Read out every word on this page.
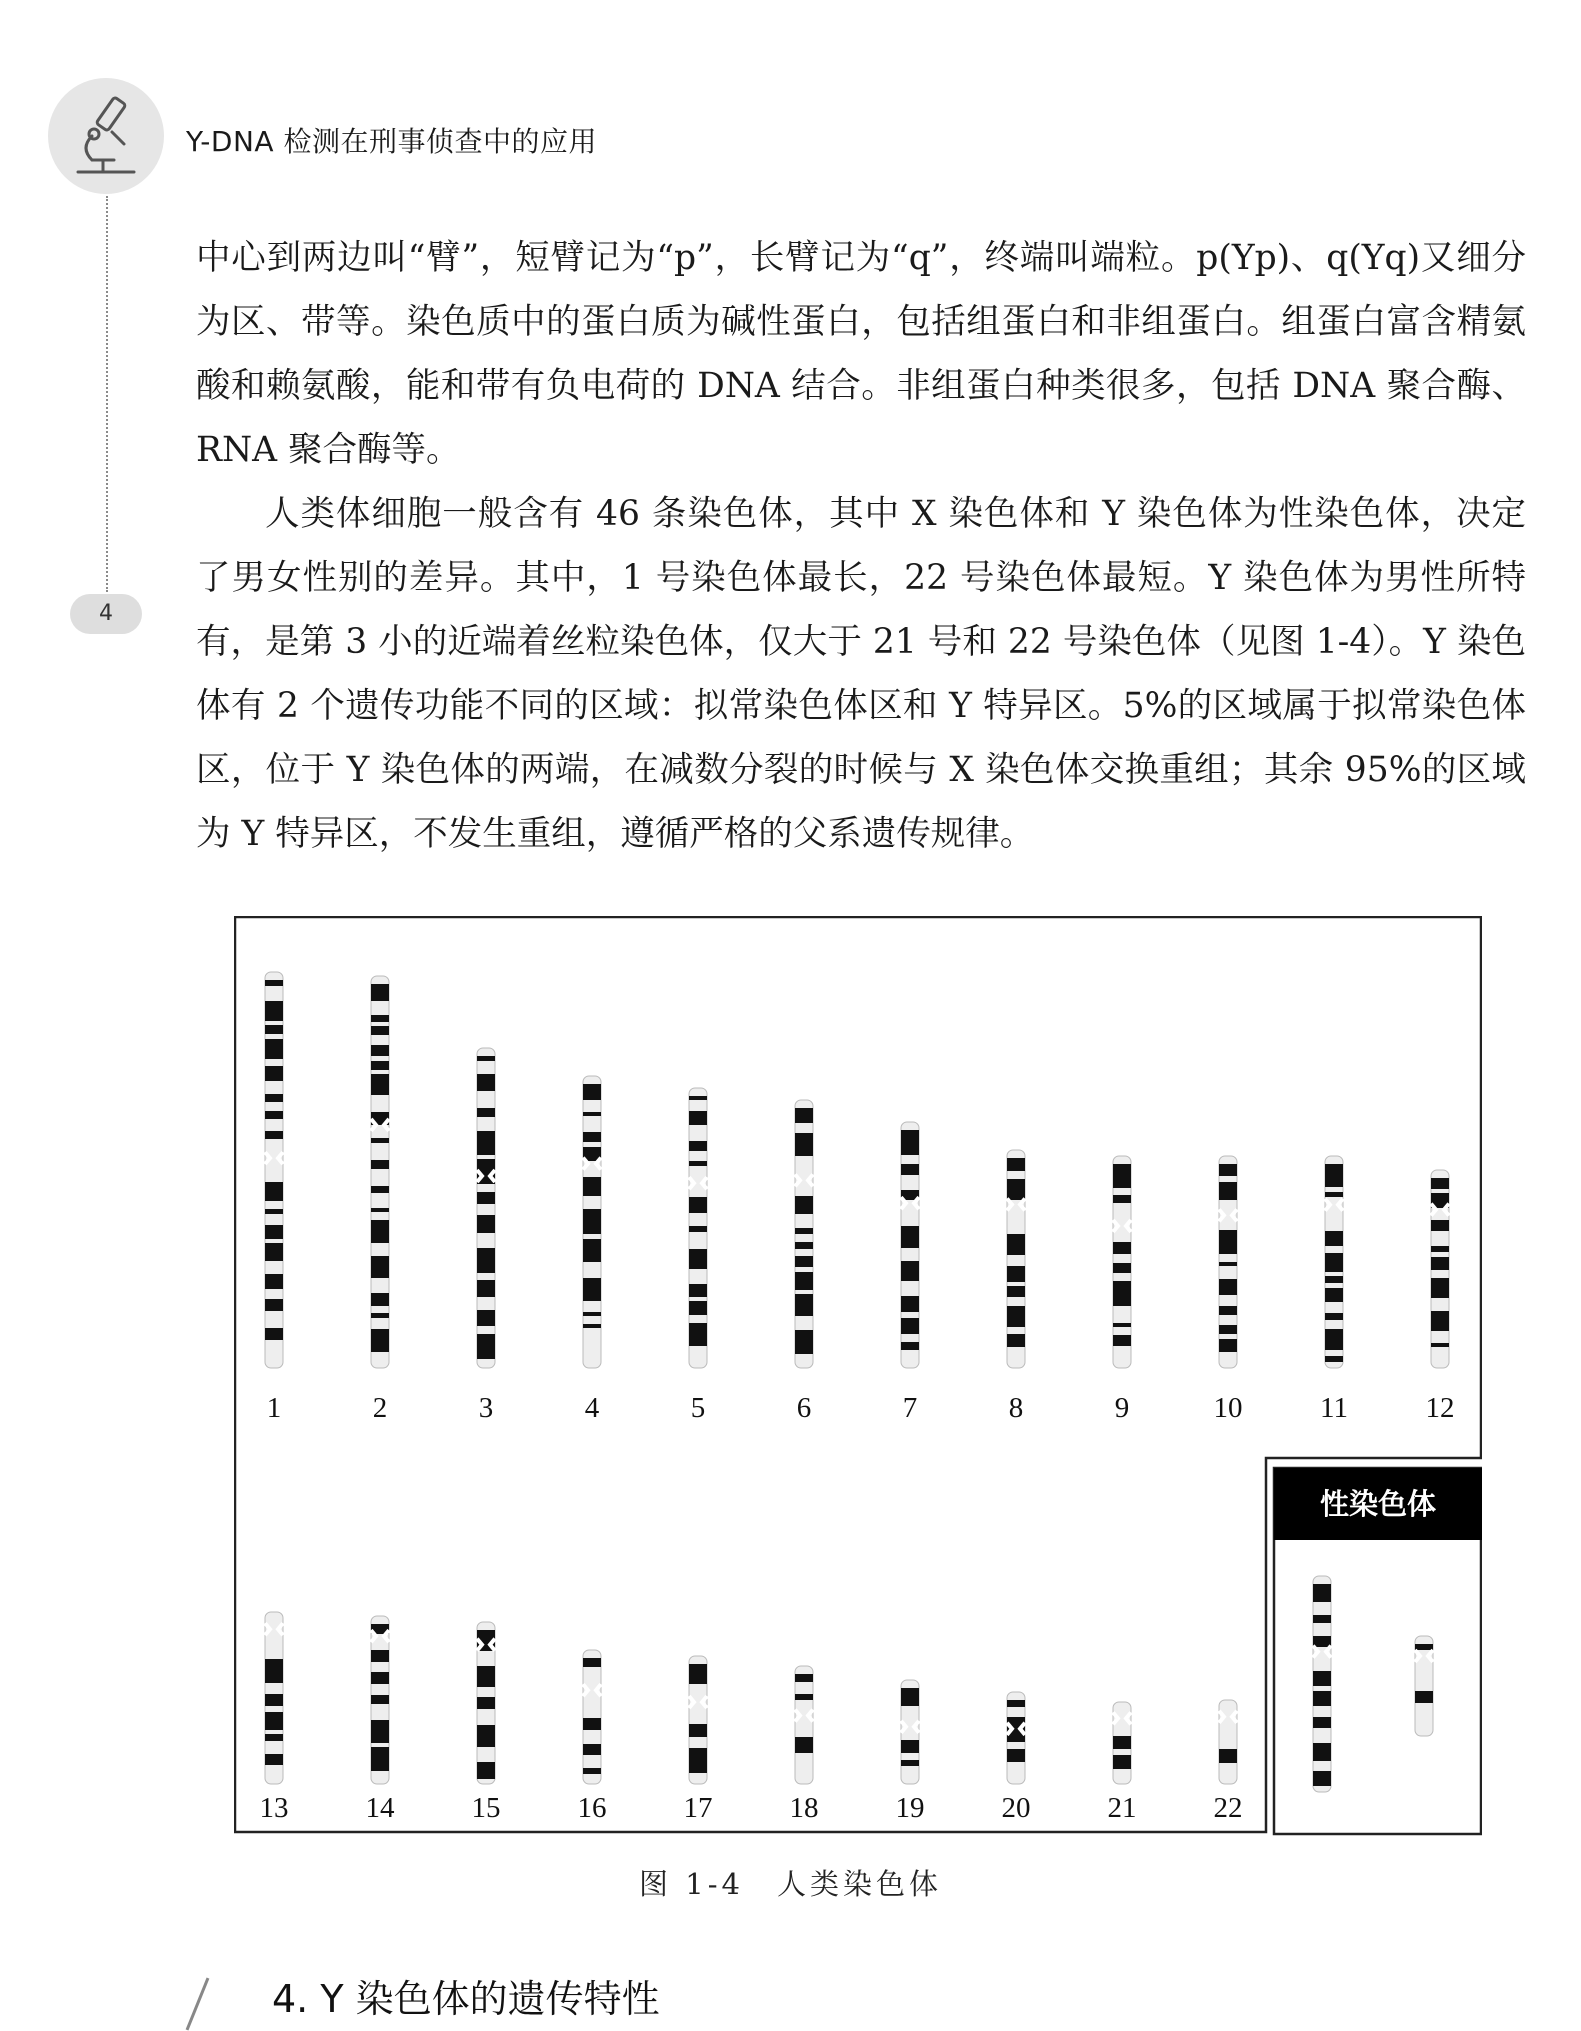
Y-DNA 检测在刑事侦查中的应用
4

中心到两边叫“臂”，短臂记为“p”，长臂记为“q”，终端叫端粒。p(Yp)、q(Yq)又细分为区、带等。染色质中的蛋白质为碱性蛋白，包括组蛋白和非组蛋白。组蛋白富含精氨酸和赖氨酸，能和带有负电荷的 DNA 结合。非组蛋白种类很多，包括 DNA 聚合酶、RNA 聚合酶等。

人类体细胞一般含有 46 条染色体，其中 X 染色体和 Y 染色体为性染色体，决定了男女性别的差异。其中，1 号染色体最长，22 号染色体最短。Y 染色体为男性所特有，是第 3 小的近端着丝粒染色体，仅大于 21 号和 22 号染色体（见图 1-4）。Y 染色体有 2 个遗传功能不同的区域：拟常染色体区和 Y 特异区。5%的区域属于拟常染色体区，位于 Y 染色体的两端，在减数分裂的时候与 X 染色体交换重组；其余 95%的区域为 Y 特异区，不发生重组，遵循严格的父系遗传规律。

性染色体
1	2	3	4	5	6	7	8	9	10	11	12
13	14	15	16	17	18	19	20	21	22
图 1-4　人类染色体
4. Y 染色体的遗传特性
